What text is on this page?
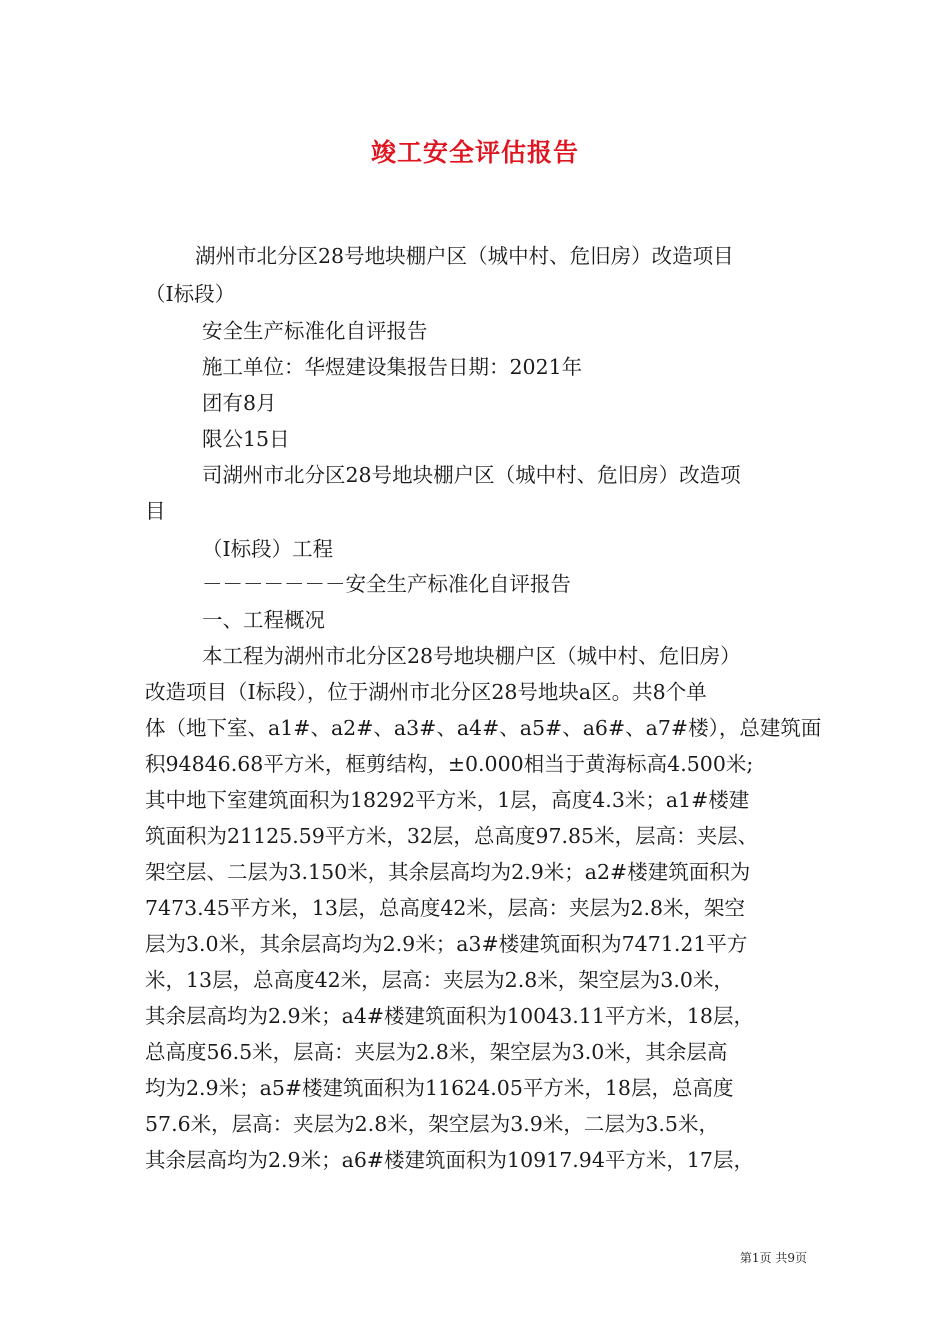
竣工安全评估报告
湖州市北分区28号地块棚户区（城中村、危旧房）改造项目
（Ⅰ标段）
安全生产标准化自评报告
施工单位：华煜建设集报告日期：2021年
团有8月
限公15日
司湖州市北分区28号地块棚户区（城中村、危旧房）改造项
目
（Ⅰ标段）工程
－－－－－－－安全生产标准化自评报告
一、工程概况
本工程为湖州市北分区28号地块棚户区（城中村、危旧房）
改造项目（Ⅰ标段），位于湖州市北分区28号地块a区。共8个单
体（地下室、a1#、a2#、a3#、a4#、a5#、a6#、a7#楼），总建筑面
积94846.68平方米，框剪结构，±0.000相当于黄海标高4.500米;
其中地下室建筑面积为18292平方米，1层，高度4.3米；a1#楼建
筑面积为21125.59平方米，32层，总高度97.85米，层高：夹层、
架空层、二层为3.150米，其余层高均为2.9米；a2#楼建筑面积为
7473.45平方米，13层，总高度42米，层高：夹层为2.8米，架空
层为3.0米，其余层高均为2.9米；a3#楼建筑面积为7471.21平方
米，13层，总高度42米，层高：夹层为2.8米，架空层为3.0米，
其余层高均为2.9米；a4#楼建筑面积为10043.11平方米，18层，
总高度56.5米，层高：夹层为2.8米，架空层为3.0米，其余层高
均为2.9米；a5#楼建筑面积为11624.05平方米，18层，总高度
57.6米，层高：夹层为2.8米，架空层为3.9米，二层为3.5米，
其余层高均为2.9米；a6#楼建筑面积为10917.94平方米，17层，
第1页 共9页
